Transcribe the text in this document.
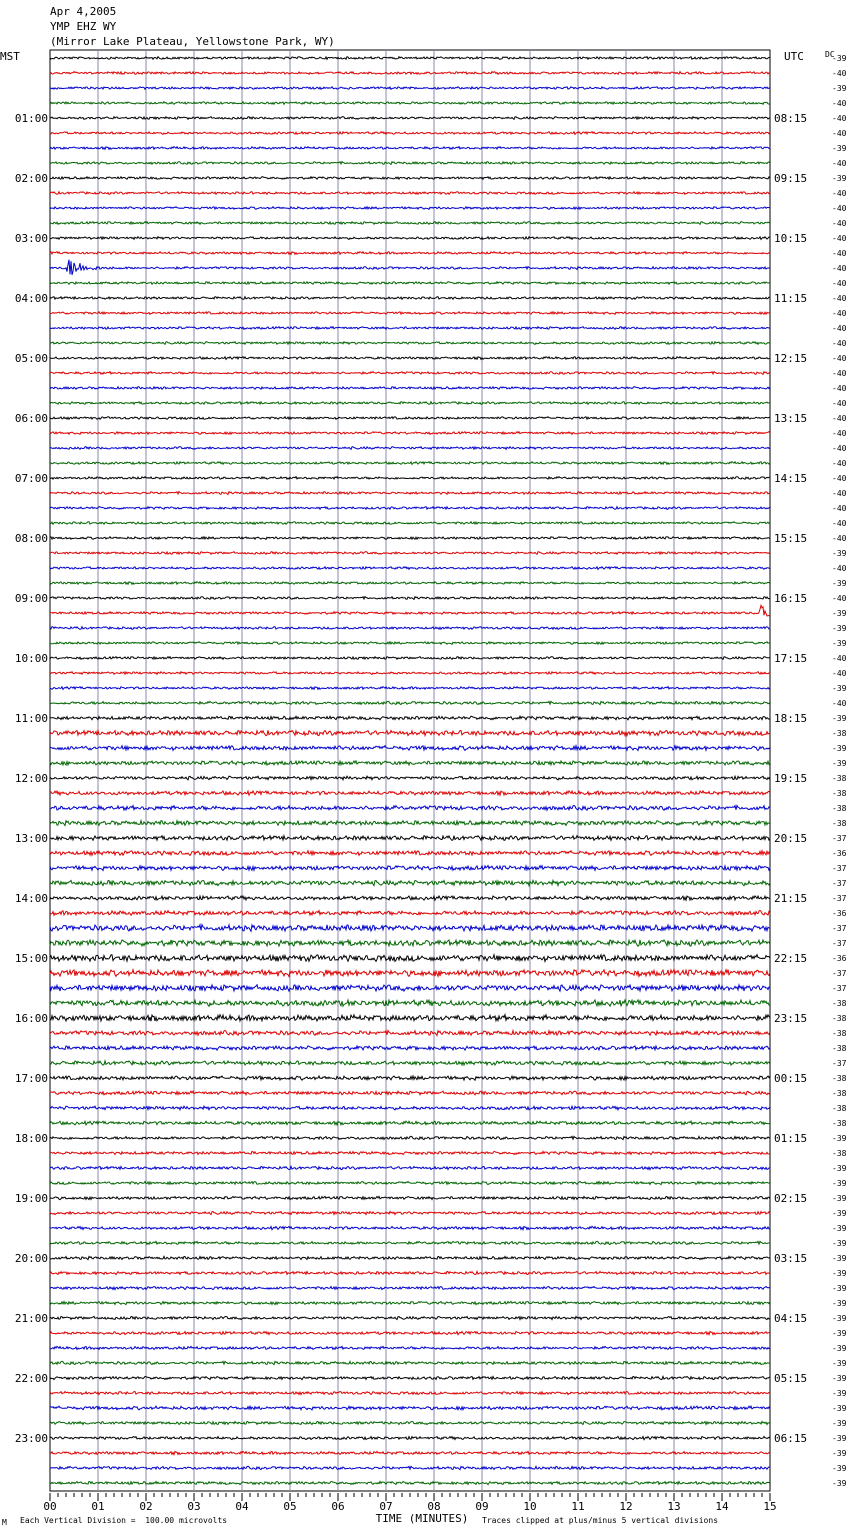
Apr 4,2005
YMP EHZ WY
(Mirror Lake Plateau, Yellowstone Park, WY)
-39
-40
-39
-40
-40
-40
-39
-40
-39
-40
-40
-40
-40
-40
-40
-40
-40
-40
-40
-40
-40
-40
-40
-40
-40
-40
-40
-40
-40
-40
-40
-40
-40
-39
-40
-39
-40
-39
-39
-39
-40
-40
-39
-40
-39
-38
-39
-39
-38
-38
-38
-38
-37
-36
-37
-37
-37
-36
-37
-37
-36
-37
-37
-38
-38
-38
-38
-37
-38
-38
-38
-38
-39
-38
-39
-39
-39
-39
-39
-39
-39
-39
-39
-39
-39
-39
-39
-39
-39
-39
-39
-39
-39
-39
-39
-39
MST	UTC	DC
01:00
02:00
03:00
04:00
05:00
06:00
07:00
08:00
09:00
10:00
11:00
12:00
13:00
14:00
15:00
16:00
17:00
18:00
19:00
20:00
21:00
22:00
23:00
08:15
09:15
10:15
11:15
12:15
13:15
14:15
15:15
16:15
17:15
18:15
19:15
20:15
21:15
22:15
23:15
00:15
01:15
02:15
03:15
04:15
05:15
06:15
00	01	02	03	04	05	06	07	08	09	10	11	12	13	14	15
TIME (MINUTES)
M Each Vertical Division =  100.00 microvolts	Traces clipped at plus/minus 5 vertical divisions
